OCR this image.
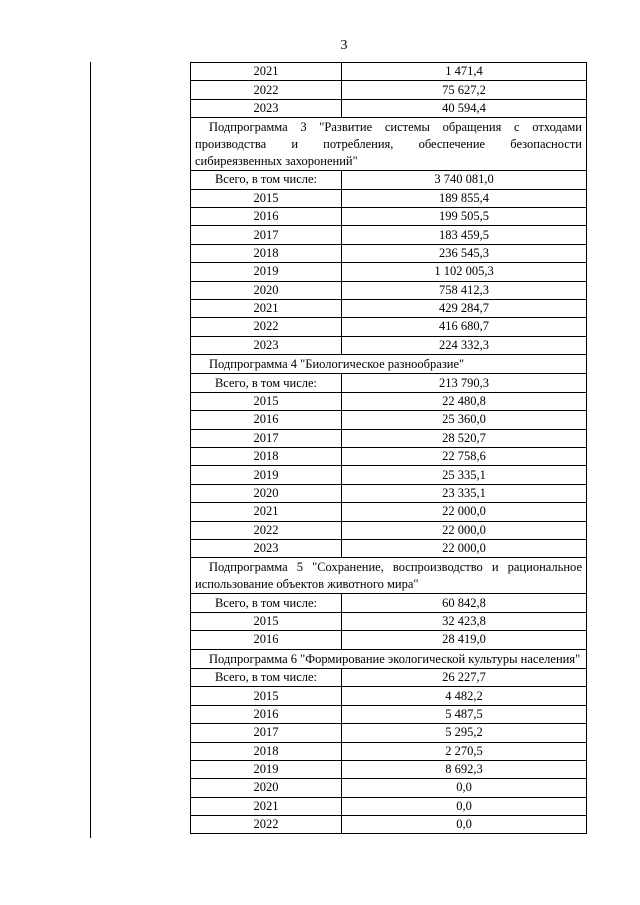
3
2021	1 471,4
2022	75 627,2
2023	40 594,4
Подпрограмма 3 "Развитие системы обращения с отходами производства и потребления, обеспечение безопасности сибиреязвенных захоронений"	
Всего, в том числе:	3 740 081,0
2015	189 855,4
2016	199 505,5
2017	183 459,5
2018	236 545,3
2019	1 102 005,3
2020	758 412,3
2021	429 284,7
2022	416 680,7
2023	224 332,3
Подпрограмма 4 "Биологическое разнообразие"	
Всего, в том числе:	213 790,3
2015	22 480,8
2016	25 360,0
2017	28 520,7
2018	22 758,6
2019	25 335,1
2020	23 335,1
2021	22 000,0
2022	22 000,0
2023	22 000,0
Подпрограмма 5 "Сохранение, воспроизводство и рациональное использование объектов животного мира"	
Всего, в том числе:	60 842,8
2015	32 423,8
2016	28 419,0
Подпрограмма 6 "Формирование экологической культуры населения"	
Всего, в том числе:	26 227,7
2015	4 482,2
2016	5 487,5
2017	5 295,2
2018	2 270,5
2019	8 692,3
2020	0,0
2021	0,0
2022	0,0
